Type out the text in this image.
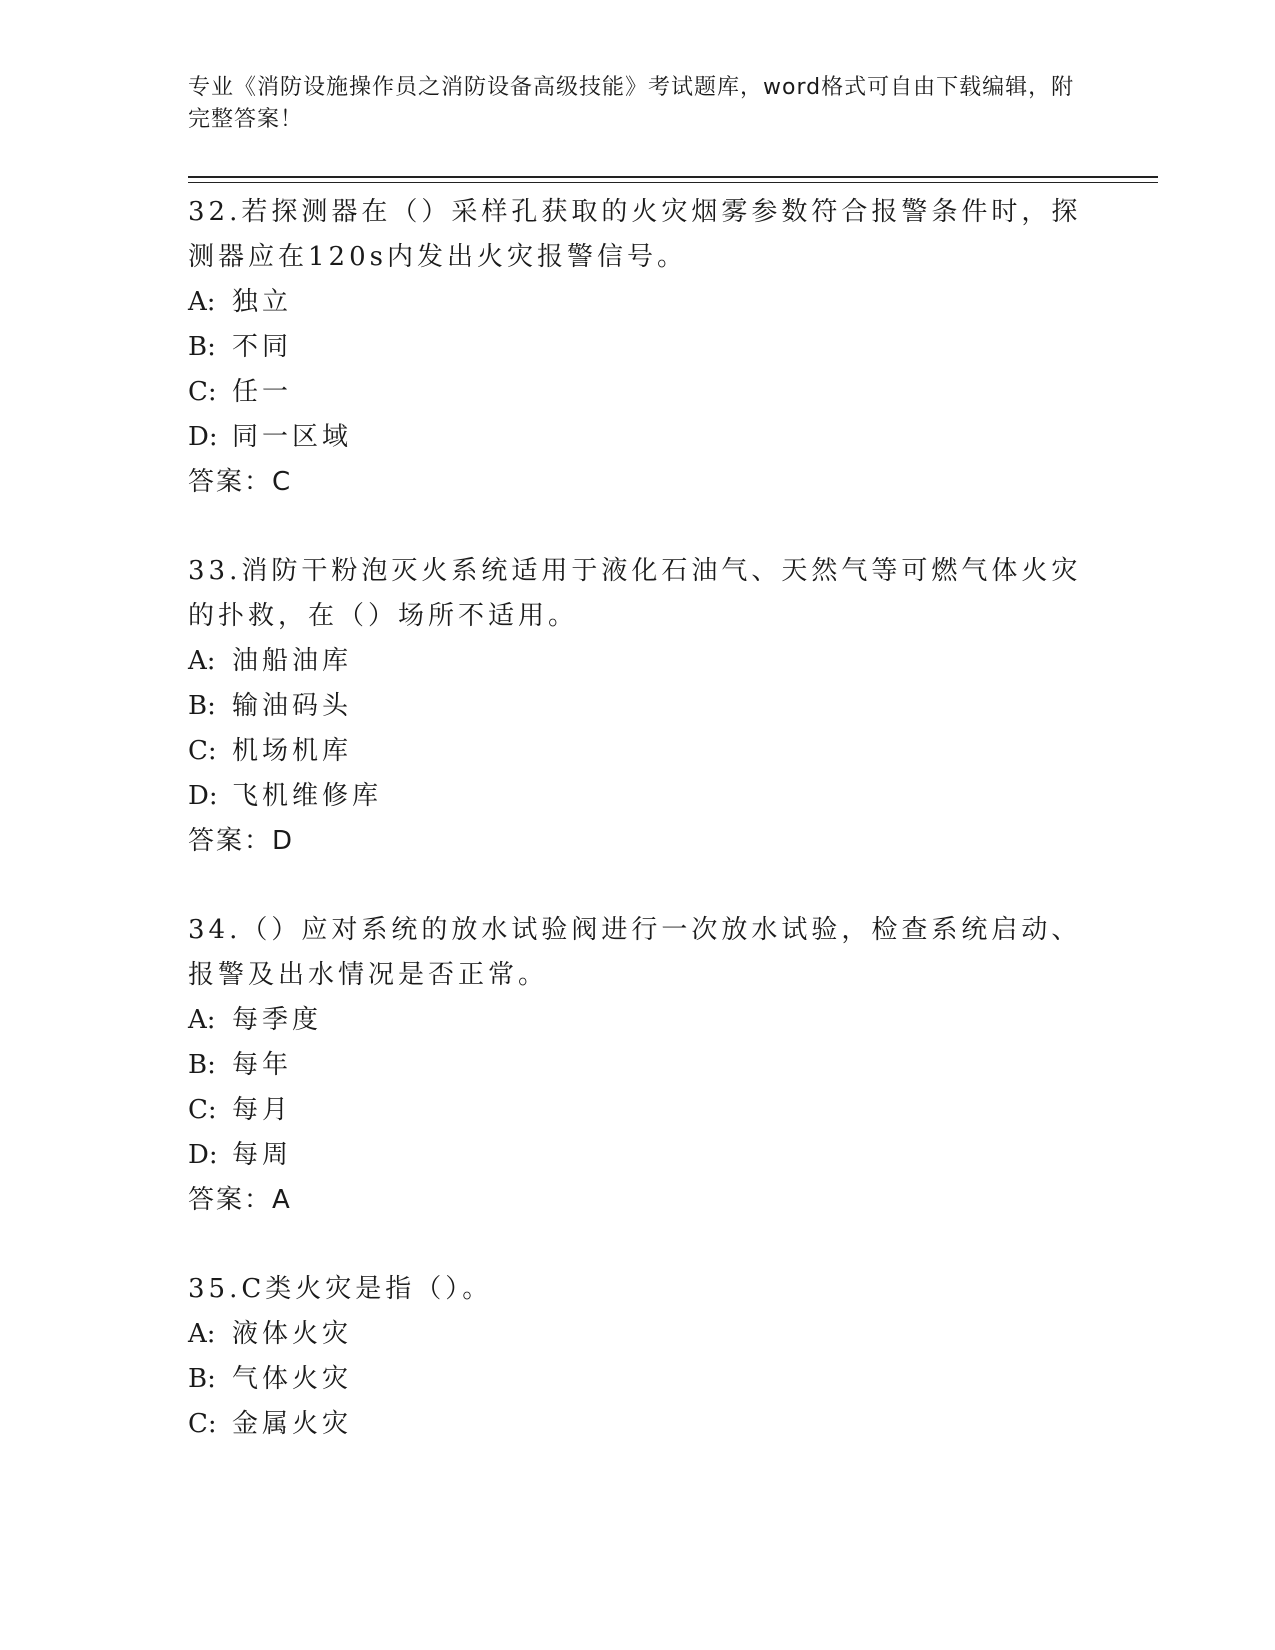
专业《消防设施操作员之消防设备高级技能》考试题库，word格式可自由下载编辑，附完整答案！

32.若探测器在（）采样孔获取的火灾烟雾参数符合报警条件时，探测器应在120s内发出火灾报警信号。

A: 独立
B: 不同
C: 任一
D: 同一区域
答案：C

33.消防干粉泡灭火系统适用于液化石油气、天然气等可燃气体火灾的扑救，在（）场所不适用。

A: 油船油库
B: 输油码头
C: 机场机库
D: 飞机维修库
答案：D

34.（）应对系统的放水试验阀进行一次放水试验，检查系统启动、报警及出水情况是否正常。

A: 每季度
B: 每年
C: 每月
D: 每周
答案：A

35.C类火灾是指（）。

A: 液体火灾
B: 气体火灾
C: 金属火灾
